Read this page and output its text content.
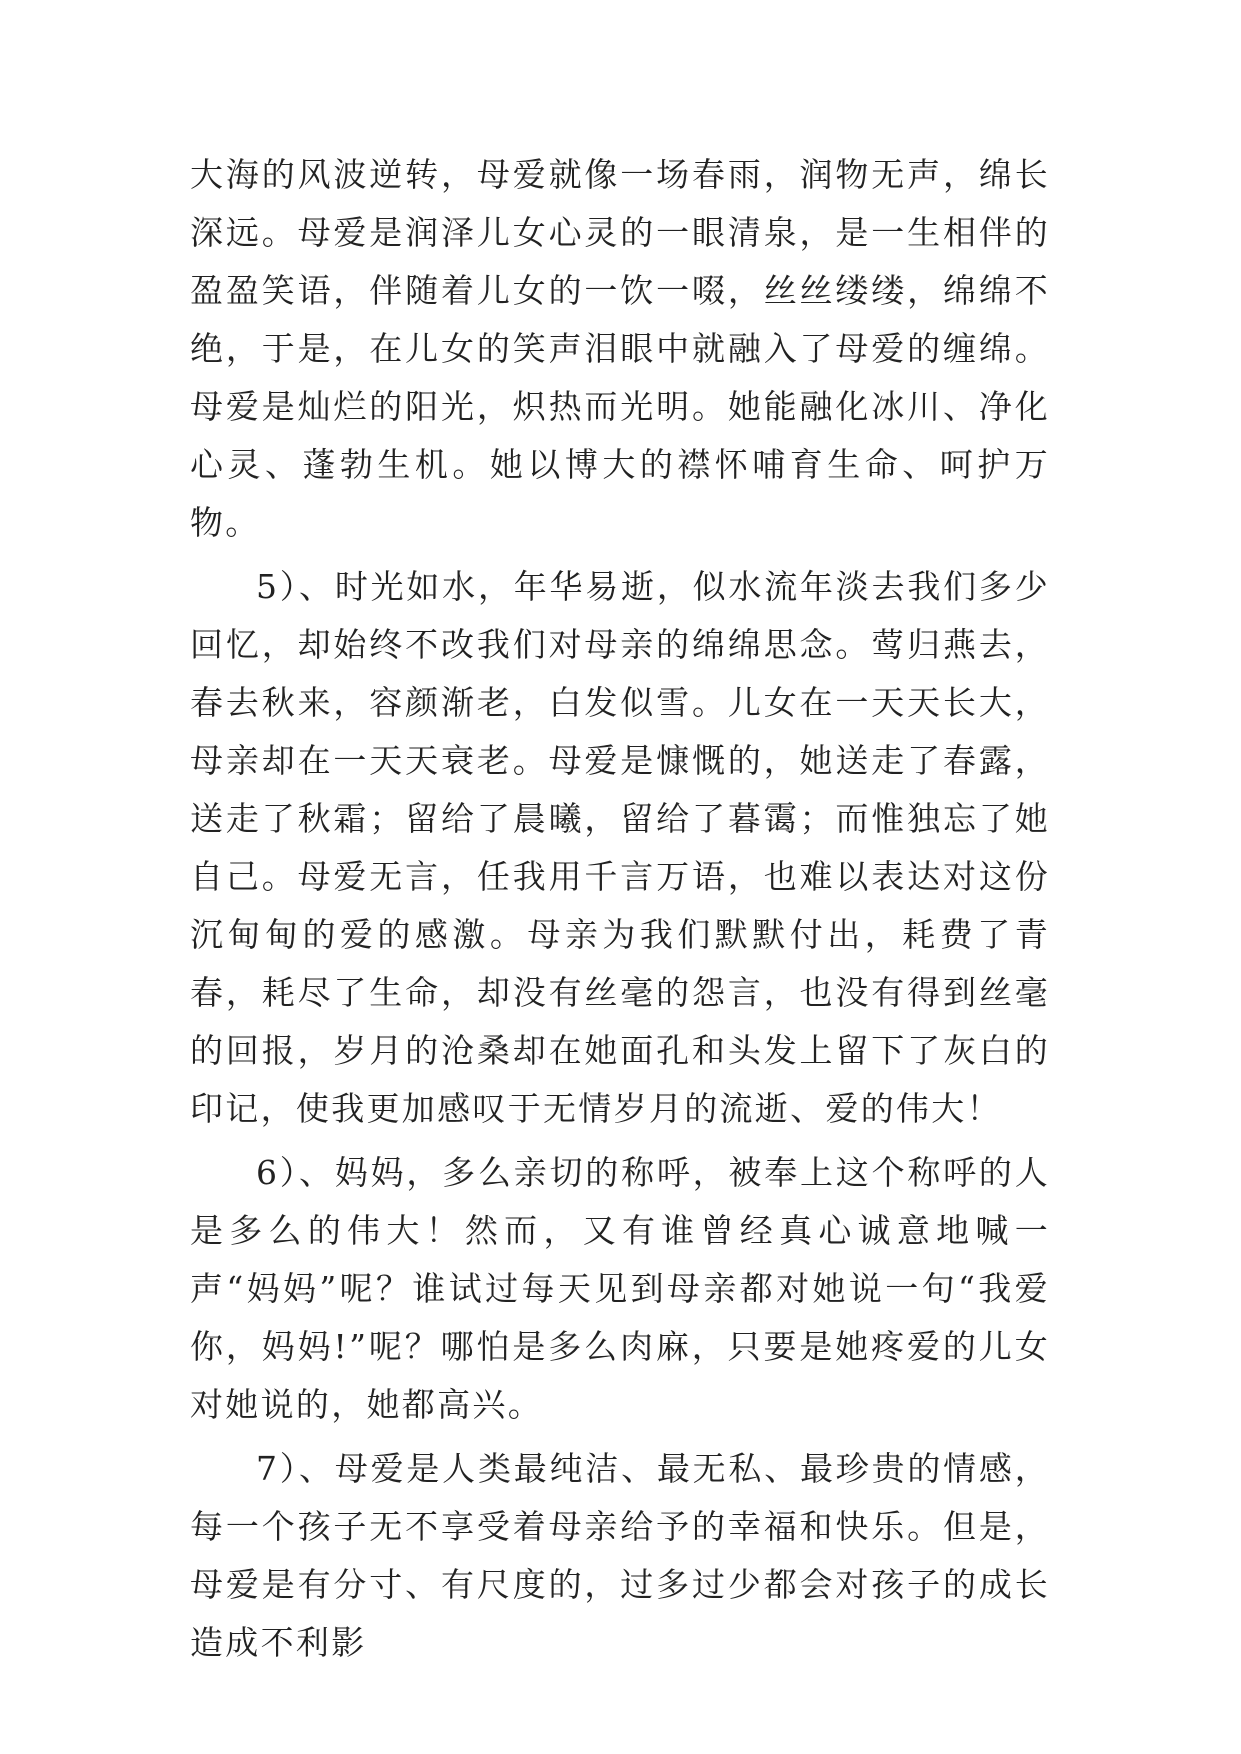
大海的风波逆转，母爱就像一场春雨，润物无声，绵长深远。母爱是润泽儿女心灵的一眼清泉，是一生相伴的盈盈笑语，伴随着儿女的一饮一啜，丝丝缕缕，绵绵不绝，于是，在儿女的笑声泪眼中就融入了母爱的缠绵。母爱是灿烂的阳光，炽热而光明。她能融化冰川、净化心灵、蓬勃生机。她以博大的襟怀哺育生命、呵护万物。

5）、时光如水，年华易逝，似水流年淡去我们多少回忆，却始终不改我们对母亲的绵绵思念。莺归燕去，春去秋来，容颜渐老，白发似雪。儿女在一天天长大，母亲却在一天天衰老。母爱是慷慨的，她送走了春露，送走了秋霜；留给了晨曦，留给了暮霭；而惟独忘了她自己。母爱无言，任我用千言万语，也难以表达对这份沉甸甸的爱的感激。母亲为我们默默付出，耗费了青春，耗尽了生命，却没有丝毫的怨言，也没有得到丝毫的回报，岁月的沧桑却在她面孔和头发上留下了灰白的印记，使我更加感叹于无情岁月的流逝、爱的伟大！

6）、妈妈，多么亲切的称呼，被奉上这个称呼的人是多么的伟大！然而，又有谁曾经真心诚意地喊一声“妈妈”呢？谁试过每天见到母亲都对她说一句“我爱你，妈妈!”呢？哪怕是多么肉麻，只要是她疼爱的儿女对她说的，她都高兴。

7）、母爱是人类最纯洁、最无私、最珍贵的情感，每一个孩子无不享受着母亲给予的幸福和快乐。但是，母爱是有分寸、有尺度的，过多过少都会对孩子的成长造成不利影
